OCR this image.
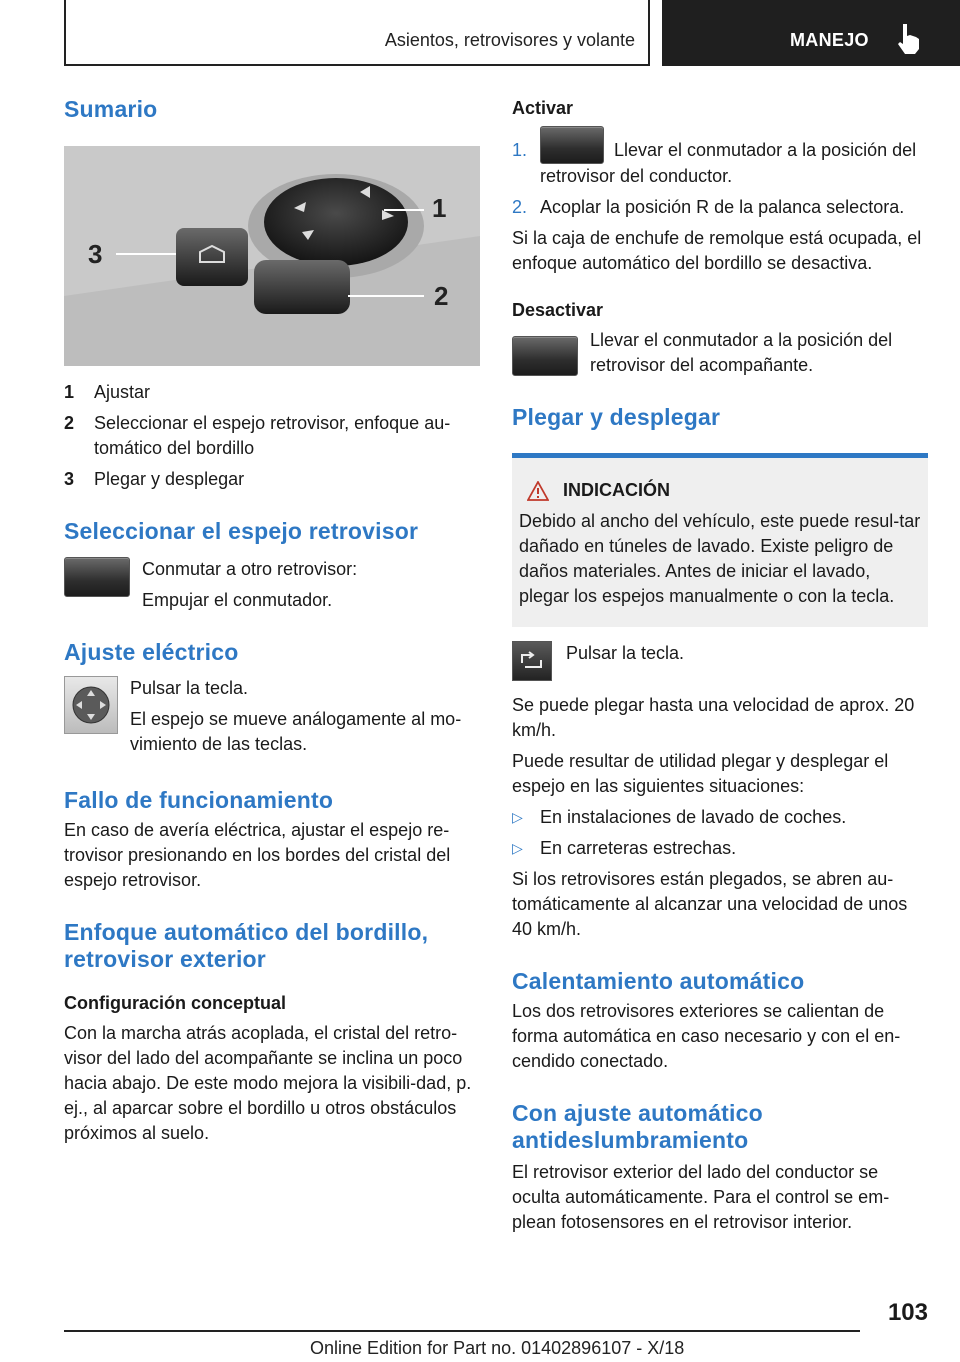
Asientos, retrovisores y volante	MANEJO
Sumario
1
2
3
1	Ajustar
2	Seleccionar el espejo retrovisor, enfoque au‐tomático del bordillo
3	Plegar y desplegar
Seleccionar el espejo retrovisor

Conmutar a otro retrovisor:

Empujar el conmutador.

Ajuste eléctrico

Pulsar la tecla.

El espejo se mueve análogamente al mo‐vimiento de las teclas.

Fallo de funcionamiento

En caso de avería eléctrica, ajustar el espejo re‐trovisor presionando en los bordes del cristal del espejo retrovisor.

Enfoque automático del bordillo, retrovisor exterior
Configuración conceptual

Con la marcha atrás acoplada, el cristal del retro‐visor del lado del acompañante se inclina un poco hacia abajo. De este modo mejora la visibili‐dad, p. ej., al aparcar sobre el bordillo u otros obstáculos próximos al suelo.

Activar
1.	Llevar el conmutador a la posición del retrovisor del conductor.
2. Acoplar la posición R de la palanca selectora.

Si la caja de enchufe de remolque está ocupada, el enfoque automático del bordillo se desactiva.

Desactivar

Llevar el conmutador a la posición del retrovisor del acompañante.

Plegar y desplegar
INDICACIÓN

Debido al ancho del vehículo, este puede resul‐tar dañado en túneles de lavado. Existe peligro de daños materiales. Antes de iniciar el lavado, plegar los espejos manualmente o con la tecla.

Pulsar la tecla.

Se puede plegar hasta una velocidad de aprox. 20 km/h.

Puede resultar de utilidad plegar y desplegar el espejo en las siguientes situaciones:

▷ En instalaciones de lavado de coches.
▷ En carreteras estrechas.

Si los retrovisores están plegados, se abren au‐tomáticamente al alcanzar una velocidad de unos 40 km/h.

Calentamiento automático

Los dos retrovisores exteriores se calientan de forma automática en caso necesario y con el en‐cendido conectado.

Con ajuste automático antideslumbramiento

El retrovisor exterior del lado del conductor se oculta automáticamente. Para el control se em‐plean fotosensores en el retrovisor interior.

103
Online Edition for Part no. 01402896107 - X/18
